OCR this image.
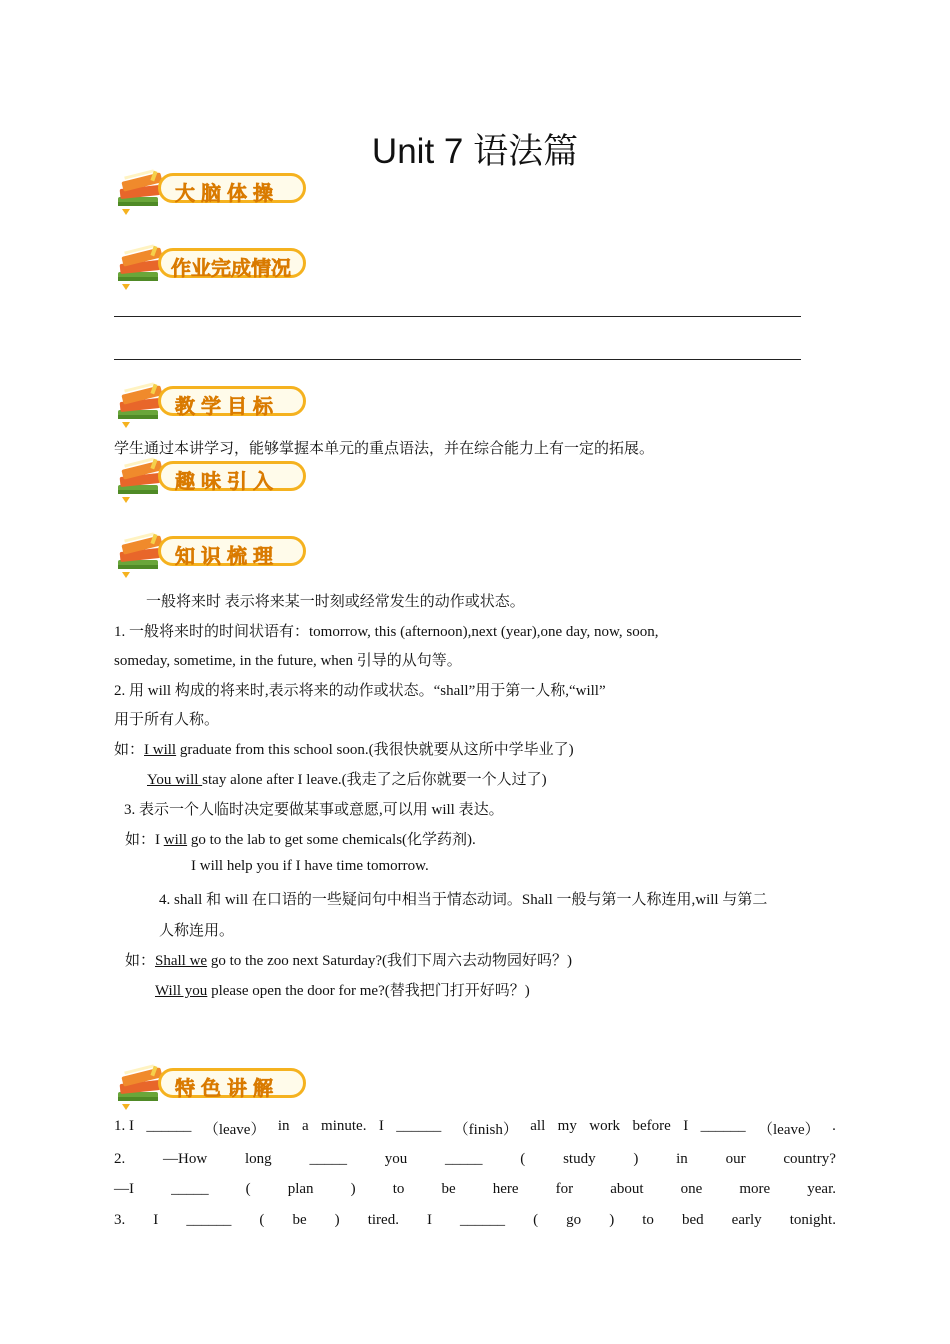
Unit 7 语法篇
大脑体操
作业完成情况
教学目标
学生通过本讲学习，能够掌握本单元的重点语法，并在综合能力上有一定的拓展。
趣味引入
知识梳理
一般将来时 表示将来某一时刻或经常发生的动作或状态。
1. 一般将来时的时间状语有：tomorrow, this (afternoon),next (year),one day, now, soon,
someday, sometime, in the future, when 引导的从句等。
2. 用 will 构成的将来时,表示将来的动作或状态。“shall”用于第一人称,“will”
用于所有人称。
如：I will graduate from this school soon.(我很快就要从这所中学毕业了)
You will stay alone after I leave.(我走了之后你就要一个人过了)
3. 表示一个人临时决定要做某事或意愿,可以用 will 表达。
如：I will go to the lab to get some chemicals(化学药剂).
I will help you if I have time tomorrow.
4. shall 和 will 在口语的一些疑问句中相当于情态动词。Shall 一般与第一人称连用,will 与第二
人称连用。
如：Shall we go to the zoo next Saturday?(我们下周六去动物园好吗？)
Will you please open the door for me?(替我把门打开好吗？)
特色讲解
1. I ______ （leave） in a minute. I ______ （finish） all my work before I ______ （leave） .
2.	—How	long	_____	you	_____	(	study	)	in	our	country?
—I _____ ( plan ) to be here for about one more year.
3. I ______ ( be ) tired. I ______ ( go ) to bed early tonight.
